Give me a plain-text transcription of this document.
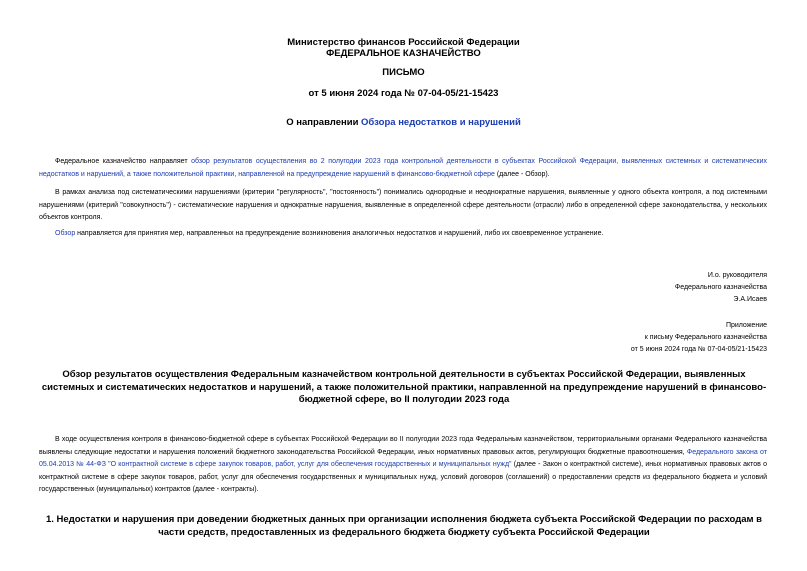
Министерство финансов Российской Федерации
ФЕДЕРАЛЬНОЕ КАЗНАЧЕЙСТВО
ПИСЬМО
от 5 июня 2024 года № 07-04-05/21-15423
О направлении Обзора недостатков и нарушений
Федеральное казначейство направляет обзор результатов осуществления во 2 полугодии 2023 года контрольной деятельности в субъектах Российской Федерации, выявленных системных и систематических недостатков и нарушений, а также положительной практики, направленной на предупреждение нарушений в финансово-бюджетной сфере (далее - Обзор).
В рамках анализа под систематическими нарушениями (критерии "регулярность", "постоянность") понимались однородные и неоднократные нарушения, выявленные у одного объекта контроля, а под системными нарушениями (критерий "совокупность") - систематические нарушения и однократные нарушения, выявленные в определенной сфере деятельности (отрасли) либо в определенной сфере законодательства, у нескольких объектов контроля.
Обзор направляется для принятия мер, направленных на предупреждение возникновения аналогичных недостатков и нарушений, либо их своевременное устранение.
И.о. руководителя
Федерального казначейства
Э.А.Исаев
Приложение
к письму Федерального казначейства
от 5 июня 2024 года № 07-04-05/21-15423
Обзор результатов осуществления Федеральным казначейством контрольной деятельности в субъектах Российской Федерации, выявленных системных и систематических недостатков и нарушений, а также положительной практики, направленной на предупреждение нарушений в финансово-бюджетной сфере, во II полугодии 2023 года
В ходе осуществления контроля в финансово-бюджетной сфере в субъектах Российской Федерации во II полугодии 2023 года Федеральным казначейством, территориальными органами Федерального казначейства выявлены следующие недостатки и нарушения положений бюджетного законодательства Российской Федерации, иных нормативных правовых актов, регулирующих бюджетные правоотношения, Федерального закона от 05.04.2013 № 44-ФЗ "О контрактной системе в сфере закупок товаров, работ, услуг для обеспечения государственных и муниципальных нужд" (далее - Закон о контрактной системе), иных нормативных правовых актов о контрактной системе в сфере закупок товаров, работ, услуг для обеспечения государственных и муниципальных нужд, условий договоров (соглашений) о предоставлении средств из федерального бюджета и условий государственных (муниципальных) контрактов (далее - контракты).
1. Недостатки и нарушения при доведении бюджетных данных при организации исполнения бюджета субъекта Российской Федерации по расходам в части средств, предоставленных из федерального бюджета бюджету субъекта Российской Федерации
